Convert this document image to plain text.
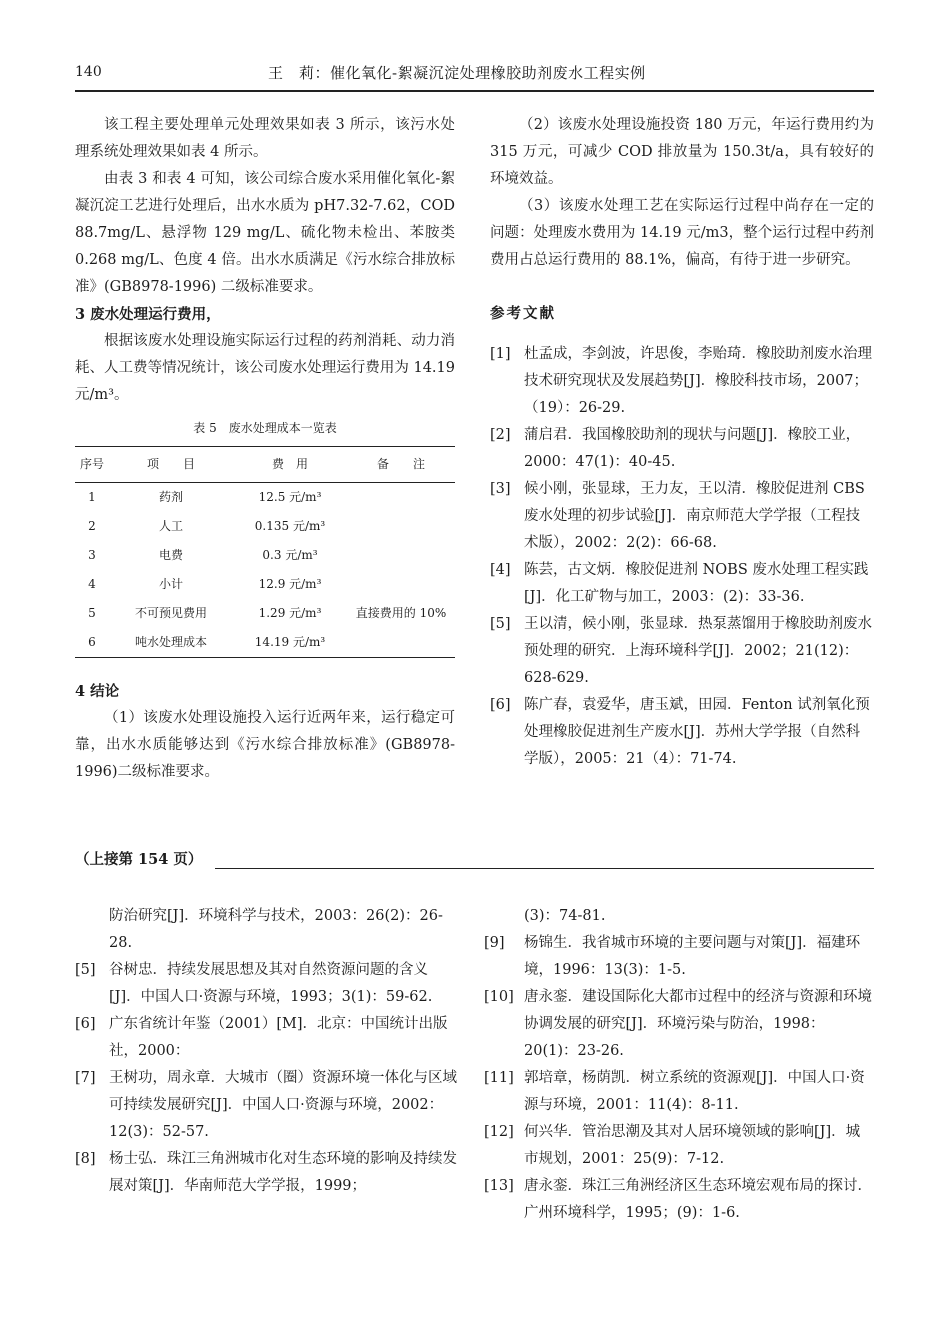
140	王　莉：催化氧化-絮凝沉淀处理橡胶助剂废水工程实例

该工程主要处理单元处理效果如表 3 所示，该污水处理系统处理效果如表 4 所示。

由表 3 和表 4 可知，该公司综合废水采用催化氧化-絮凝沉淀工艺进行处理后，出水水质为 pH7.32-7.62，COD 88.7mg/L、悬浮物 129 mg/L、硫化物未检出、苯胺类 0.268 mg/L、色度 4 倍。出水水质满足《污水综合排放标准》(GB8978-1996) 二级标准要求。

3 废水处理运行费用，

根据该废水处理设施实际运行过程的药剂消耗、动力消耗、人工费等情况统计，该公司废水处理运行费用为 14.19 元/m³。

表 5　废水处理成本一览表
序号	项　　目	费　用	备　　注
1	药剂	12.5 元/m³	
2	人工	0.135 元/m³	
3	电费	0.3 元/m³	
4	小计	12.9 元/m³	
5	不可预见费用	1.29 元/m³	直接费用的 10%
6	吨水处理成本	14.19 元/m³	

4 结论

（1）该废水处理设施投入运行近两年来，运行稳定可靠，出水水质能够达到《污水综合排放标准》(GB8978-1996)二级标准要求。

（2）该废水处理设施投资 180 万元，年运行费用约为 315 万元，可减少 COD 排放量为 150.3t/a，具有较好的环境效益。

（3）该废水处理工艺在实际运行过程中尚存在一定的问题：处理废水费用为 14.19 元/m3，整个运行过程中药剂费用占总运行费用的 88.1%，偏高，有待于进一步研究。

参考文献

[1] 杜孟成，李剑波，许思俊，李贻琦．橡胶助剂废水治理技术研究现状及发展趋势[J]．橡胶科技市场，2007；（19）：26-29.
[2] 蒲启君．我国橡胶助剂的现状与问题[J]．橡胶工业，2000：47(1)：40-45.
[3] 候小刚，张显球，王力友，王以清．橡胶促进剂 CBS 废水处理的初步试验[J]．南京师范大学学报（工程技术版），2002：2(2)：66-68.
[4] 陈芸，古文炳．橡胶促进剂 NOBS 废水处理工程实践[J]．化工矿物与加工，2003：(2)：33-36.
[5] 王以清，候小刚，张显球．热泵蒸馏用于橡胶助剂废水预处理的研究．上海环境科学[J]．2002；21(12)：628-629.
[6] 陈广春，袁爱华，唐玉斌，田园．Fenton 试剂氧化预处理橡胶促进剂生产废水[J]．苏州大学学报（自然科学版），2005：21（4）：71-74.
（上接第 154 页）
防治研究[J]．环境科学与技术，2003：26(2)：26-28.
[5] 谷树忠．持续发展思想及其对自然资源问题的含义[J]．中国人口·资源与环境，1993；3(1)：59-62.
[6] 广东省统计年鉴（2001）[M]．北京：中国统计出版社，2000：
[7] 王树功，周永章．大城市（圈）资源环境一体化与区域可持续发展研究[J]．中国人口·资源与环境，2002：12(3)：52-57.
[8] 杨士弘．珠江三角洲城市化对生态环境的影响及持续发展对策[J]．华南师范大学学报，1999；
(3)：74-81.
[9] 杨锦生．我省城市环境的主要问题与对策[J]．福建环境，1996：13(3)：1-5.
[10] 唐永銮．建设国际化大都市过程中的经济与资源和环境协调发展的研究[J]．环境污染与防治，1998：20(1)：23-26.
[11] 郭培章，杨荫凯．树立系统的资源观[J]．中国人口·资源与环境，2001：11(4)：8-11.
[12] 何兴华．管治思潮及其对人居环境领域的影响[J]．城市规划，2001：25(9)：7-12.
[13] 唐永銮．珠江三角洲经济区生态环境宏观布局的探讨．广州环境科学，1995；(9)：1-6.
